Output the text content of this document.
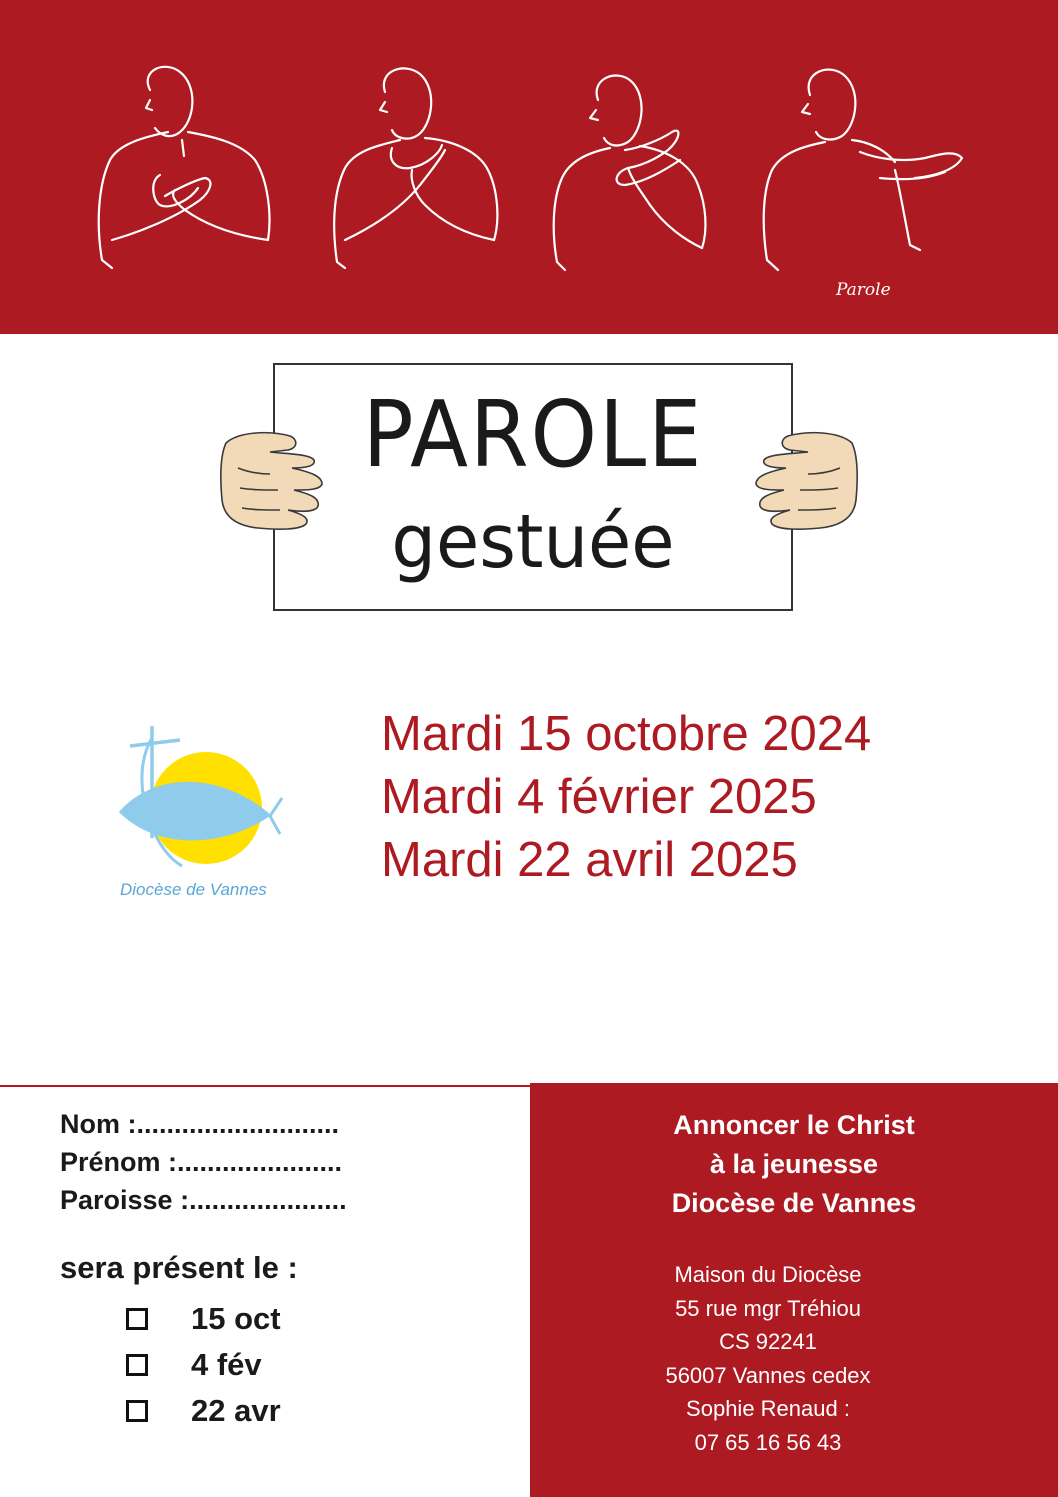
Parole
PAROLE
gestuée
Diocèse de Vannes
Mardi 15 octobre 2024
Mardi 4 février 2025
Mardi 22 avril 2025
Nom :...........................
Prénom :......................
Paroisse :.....................
sera présent le :
15 oct
4 fév
22 avr
Annoncer le Christ
à la jeunesse
Diocèse de Vannes
Maison du Diocèse
55 rue mgr Tréhiou
CS 92241
56007 Vannes cedex
Sophie Renaud :
07 65 16 56 43
